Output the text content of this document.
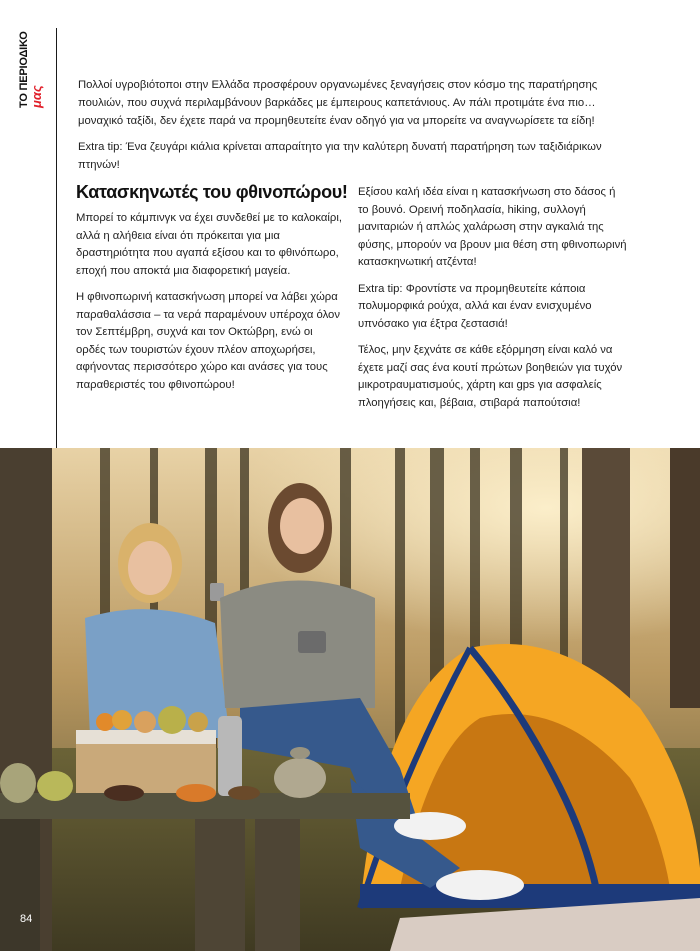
ΤΟ ΠΕΡΙΟΔΙΚΟ μας

Πολλοί υγροβιότοποι στην Ελλάδα προσφέρουν οργανωμένες ξεναγήσεις στον κόσμο της παρατήρησης πουλιών, που συχνά περιλαμβάνουν βαρκάδες με έμπειρους καπετάνιους. Αν πάλι προτιμάτε ένα πιο… μοναχικό ταξίδι, δεν έχετε παρά να προμηθευτείτε έναν οδηγό για να μπορείτε να αναγνωρίσετε τα είδη!

Extra tip: Ένα ζευγάρι κιάλια κρίνεται απαραίτητο για την καλύτερη δυνατή παρατήρηση των ταξιδιάρικων πτηνών!

Κατασκηνωτές του φθινοπώρου!

Μπορεί το κάμπινγκ να έχει συνδεθεί με το καλοκαίρι, αλλά η αλήθεια είναι ότι πρόκειται για μια δραστηριότητα που αγαπά εξίσου και το φθινόπωρο, εποχή που αποκτά μια διαφορετική μαγεία.

Η φθινοπωρινή κατασκήνωση μπορεί να λάβει χώρα παραθαλάσσια – τα νερά παραμένουν υπέροχα όλον τον Σεπτέμβρη, συχνά και τον Οκτώβρη, ενώ οι ορδές των τουριστών έχουν πλέον αποχωρήσει, αφήνοντας περισσότερο χώρο και ανάσες για τους παραθεριστές του φθινοπώρου!

Εξίσου καλή ιδέα είναι η κατασκήνωση στο δάσος ή το βουνό. Ορεινή ποδηλασία, hiking, συλλογή μανιταριών ή απλώς χαλάρωση στην αγκαλιά της φύσης, μπορούν να βρουν μια θέση στη φθινοπωρινή κατασκηνωτική ατζέντα!

Extra tip: Φροντίστε να προμηθευτείτε κάποια πολυμορφικά ρούχα, αλλά και έναν ενισχυμένο υπνόσακο για έξτρα ζεστασιά!

Τέλος, μην ξεχνάτε σε κάθε εξόρμηση είναι καλό να έχετε μαζί σας ένα κουτί πρώτων βοηθειών για τυχόν μικροτραυματισμούς, χάρτη και gps για ασφαλείς πλοηγήσεις και, βέβαια, στιβαρά παπούτσια!

84
